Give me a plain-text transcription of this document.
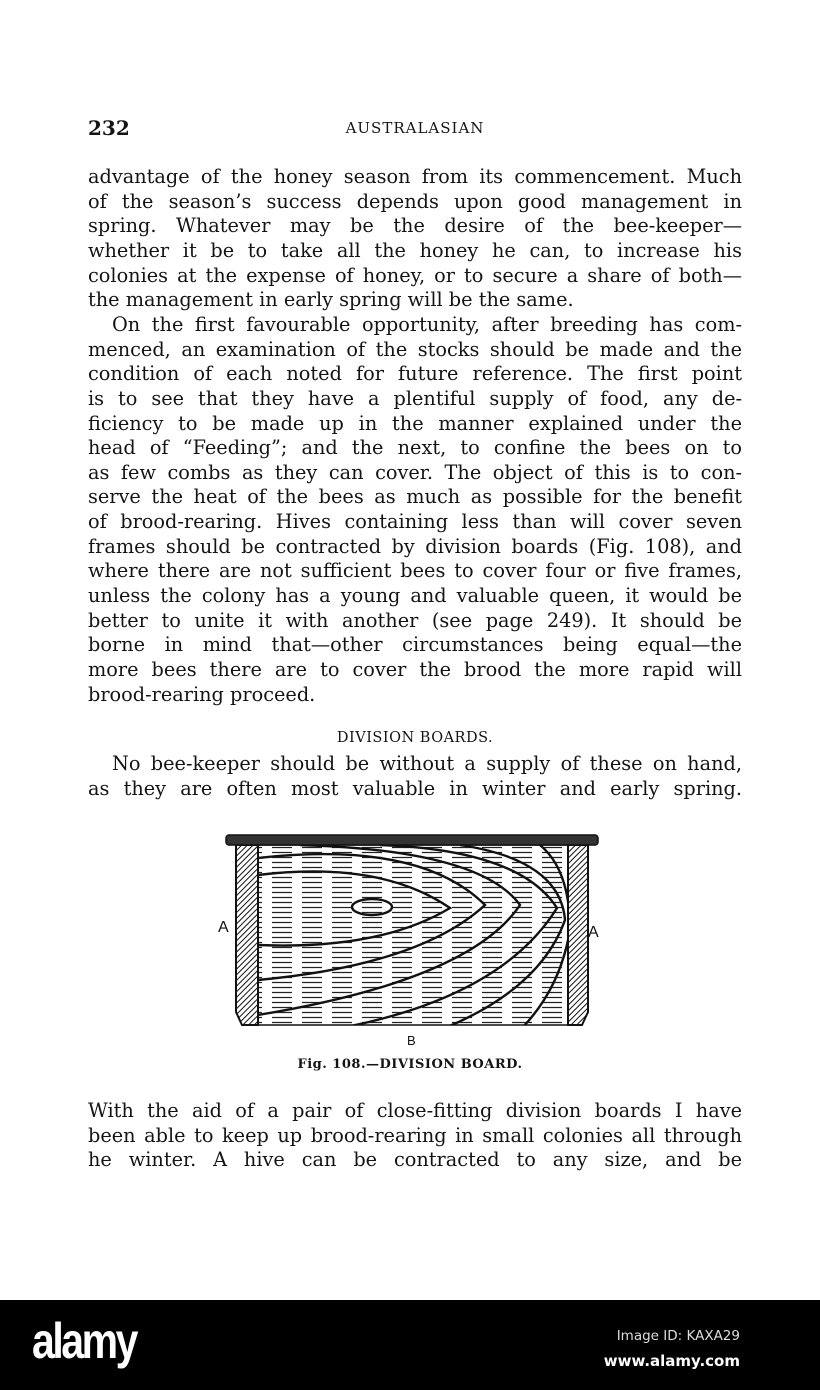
232	AUSTRALASIAN
advantage of the honey season from its commencement. Much
of the season’s success depends upon good management in
spring. Whatever may be the desire of the bee-keeper—
whether it be to take all the honey he can, to increase his
colonies at the expense of honey, or to secure a share of both—
the management in early spring will be the same.
On the first favourable opportunity, after breeding has com-
menced, an examination of the stocks should be made and the
condition of each noted for future reference. The first point
is to see that they have a plentiful supply of food, any de-
ficiency to be made up in the manner explained under the
head of “Feeding”; and the next, to confine the bees on to
as few combs as they can cover. The object of this is to con-
serve the heat of the bees as much as possible for the benefit
of brood-rearing. Hives containing less than will cover seven
frames should be contracted by division boards (Fig. 108), and
where there are not sufficient bees to cover four or five frames,
unless the colony has a young and valuable queen, it would be
better to unite it with another (see page 249). It should be
borne in mind that—other circumstances being equal—the
more bees there are to cover the brood the more rapid will
brood-rearing proceed.
DIVISION BOARDS.
No bee-keeper should be without a supply of these on hand,
as they are often most valuable in winter and early spring.
With the aid of a pair of close-fitting division boards I have
been able to keep up brood-rearing in small colonies all through
he winter. A hive can be contracted to any size, and be
A	A
B
Fig. 108.—DIVISION BOARD.
alamy	Image ID: KAXA29
www.alamy.com
